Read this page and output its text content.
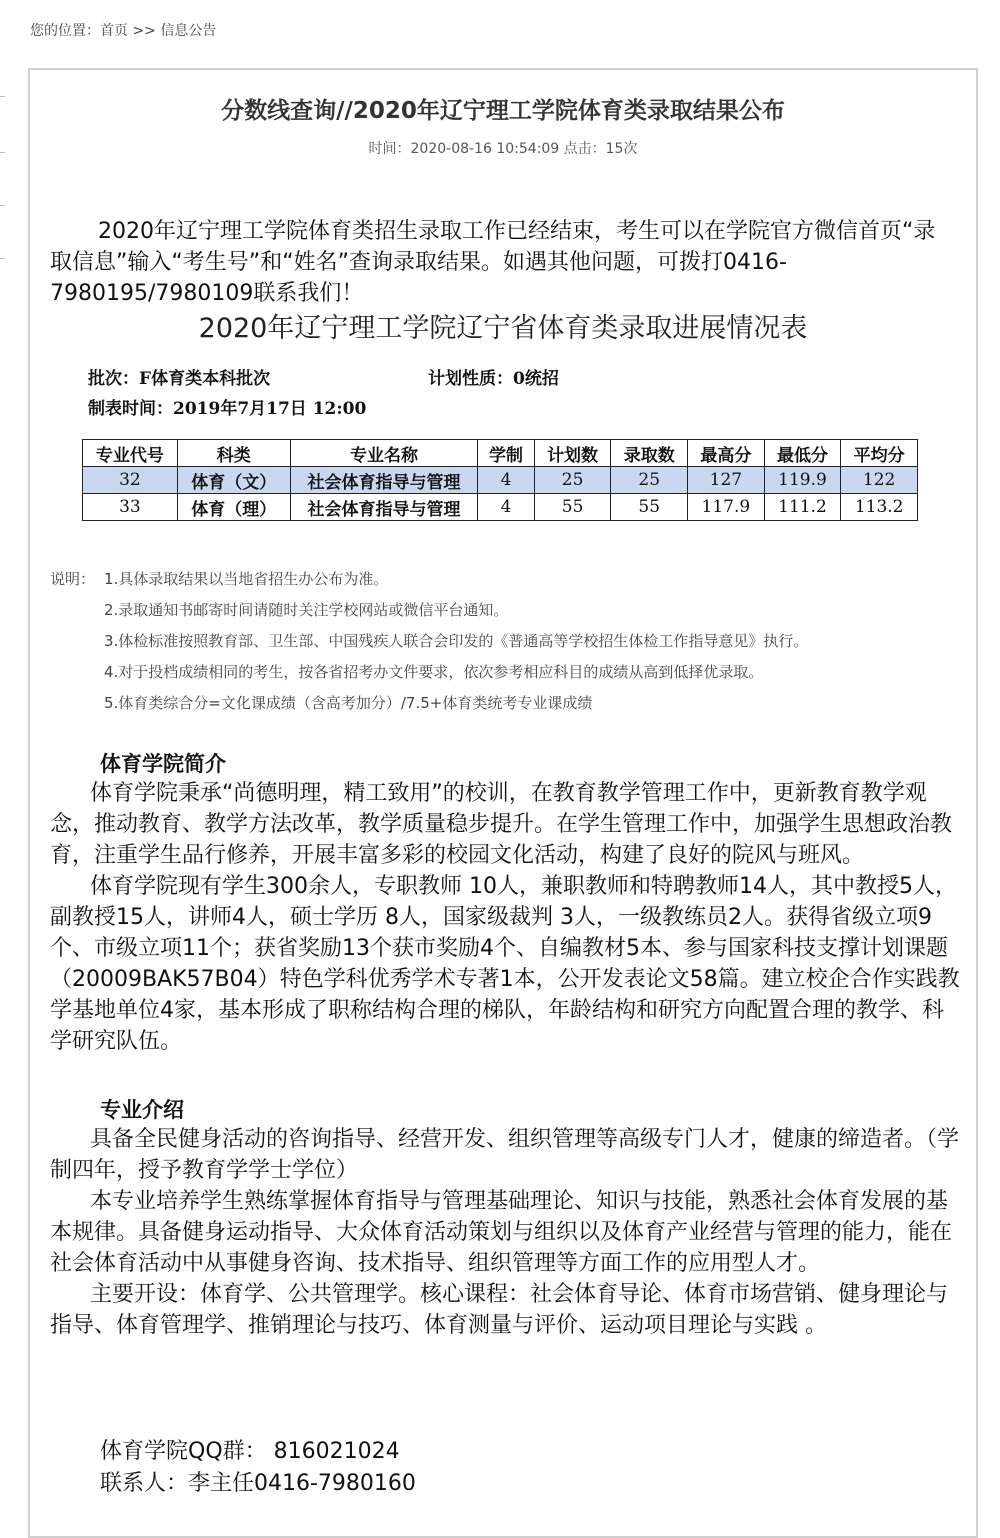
您的位置：首页 >> 信息公告
分数线查询//2020年辽宁理工学院体育类录取结果公布
时间：2020-08-16 10:54:09 点击：15次

2020年辽宁理工学院体育类招生录取工作已经结束，考生可以在学院官方微信首页“录取信息”输入“考生号”和“姓名”查询录取结果。如遇其他问题，可拨打0416-7980195/7980109联系我们！

2020年辽宁理工学院辽宁省体育类录取进展情况表
批次：F体育类本科批次	计划性质：0统招
制表时间：2019年7月17日 12:00
专业代号	科类	专业名称	学制	计划数	录取数	最高分	最低分	平均分
32	体育（文）	社会体育指导与管理	4	25	25	127	119.9	122
33	体育（理）	社会体育指导与管理	4	55	55	117.9	111.2	113.2
说明： 1.具体录取结果以当地省招生办公布为准。
2.录取通知书邮寄时间请随时关注学校网站或微信平台通知。
3.体检标准按照教育部、卫生部、中国残疾人联合会印发的《普通高等学校招生体检工作指导意见》执行。
4.对于投档成绩相同的考生，按各省招考办文件要求，依次参考相应科目的成绩从高到低择优录取。
5.体育类综合分=文化课成绩（含高考加分）/7.5+体育类统考专业课成绩
体育学院简介

体育学院秉承“尚德明理，精工致用”的校训，在教育教学管理工作中，更新教育教学观念，推动教育、教学方法改革，教学质量稳步提升。在学生管理工作中，加强学生思想政治教育，注重学生品行修养，开展丰富多彩的校园文化活动，构建了良好的院风与班风。

体育学院现有学生300余人，专职教师 10人，兼职教师和特聘教师14人，其中教授5人，副教授15人，讲师4人，硕士学历 8人，国家级裁判 3人，一级教练员2人。获得省级立项9个、市级立项11个；获省奖励13个获市奖励4个、自编教材5本、参与国家科技支撑计划课题（20009BAK57B04）特色学科优秀学术专著1本，公开发表论文58篇。建立校企合作实践教学基地单位4家，基本形成了职称结构合理的梯队，年龄结构和研究方向配置合理的教学、科学研究队伍。

专业介绍

具备全民健身活动的咨询指导、经营开发、组织管理等高级专门人才，健康的缔造者。（学制四年，授予教育学学士学位）

本专业培养学生熟练掌握体育指导与管理基础理论、知识与技能，熟悉社会体育发展的基本规律。具备健身运动指导、大众体育活动策划与组织以及体育产业经营与管理的能力，能在社会体育活动中从事健身咨询、技术指导、组织管理等方面工作的应用型人才。

主要开设：体育学、公共管理学。核心课程：社会体育导论、体育市场营销、健身理论与指导、体育管理学、推销理论与技巧、体育测量与评价、运动项目理论与实践 。

体育学院QQ群： 816021024
联系人：李主任0416-7980160
